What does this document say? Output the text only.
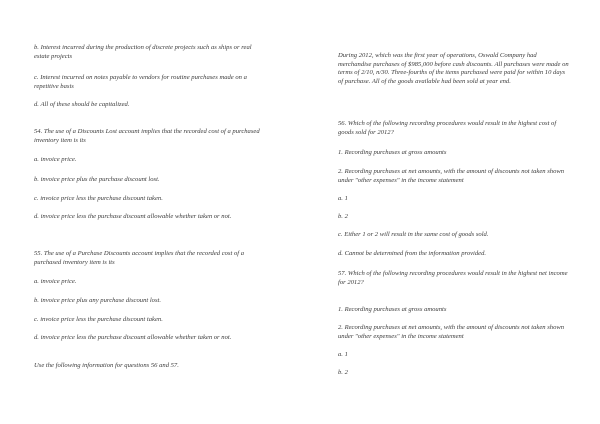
b. Interest incurred during the production of discrete projects such as ships or real estate projects

c. Interest incurred on notes payable to vendors for routine purchases made on a repetitive basis

d. All of these should be capitalized.

54. The use of a Discounts Lost account implies that the recorded cost of a purchased inventory item is its

a. invoice price.

b. invoice price plus the purchase discount lost.

c. invoice price less the purchase discount taken.

d. invoice price less the purchase discount allowable whether taken or not.

55. The use of a Purchase Discounts account implies that the recorded cost of a purchased inventory item is its

a. invoice price.

b. invoice price plus any purchase discount lost.

c. invoice price less the purchase discount taken.

d. invoice price less the purchase discount allowable whether taken or not.

Use the following information for questions 56 and 57.

During 2012, which was the first year of operations, Oswald Company had merchandise purchases of $985,000 before cash discounts. All purchases were made on terms of 2/10, n/30. Three-fourths of the items purchased were paid for within 10 days of purchase. All of the goods available had been sold at year end.

56. Which of the following recording procedures would result in the highest cost of goods sold for 2012?

1. Recording purchases at gross amounts

2. Recording purchases at net amounts, with the amount of discounts not taken shown under "other expenses" in the income statement

a. 1

b. 2

c. Either 1 or 2 will result in the same cost of goods sold.

d. Cannot be determined from the information provided.

57. Which of the following recording procedures would result in the highest net income for 2012?

1. Recording purchases at gross amounts

2. Recording purchases at net amounts, with the amount of discounts not taken shown under "other expenses" in the income statement

a. 1

b. 2
